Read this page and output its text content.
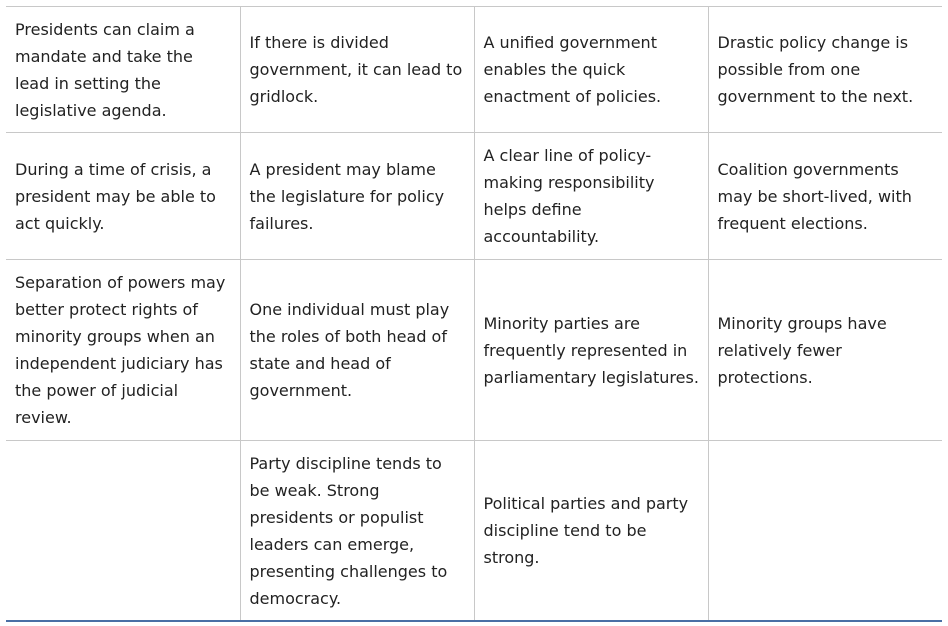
Presidents can claim a mandate and take the lead in setting the legislative agenda.	If there is divided government, it can lead to gridlock.	A unified government enables the quick enactment of policies.	Drastic policy change is possible from one government to the next.
During a time of crisis, a president may be able to act quickly.	A president may blame the legislature for policy failures.	A clear line of policy-making responsibility helps define accountability.	Coalition governments may be short-lived, with frequent elections.
Separation of powers may better protect rights of minority groups when an independent judiciary has the power of judicial review.	One individual must play the roles of both head of state and head of government.	Minority parties are frequently represented in parliamentary legislatures.	Minority groups have relatively fewer protections.
	Party discipline tends to be weak. Strong presidents or populist leaders can emerge, presenting challenges to democracy.	Political parties and party discipline tend to be strong.	
